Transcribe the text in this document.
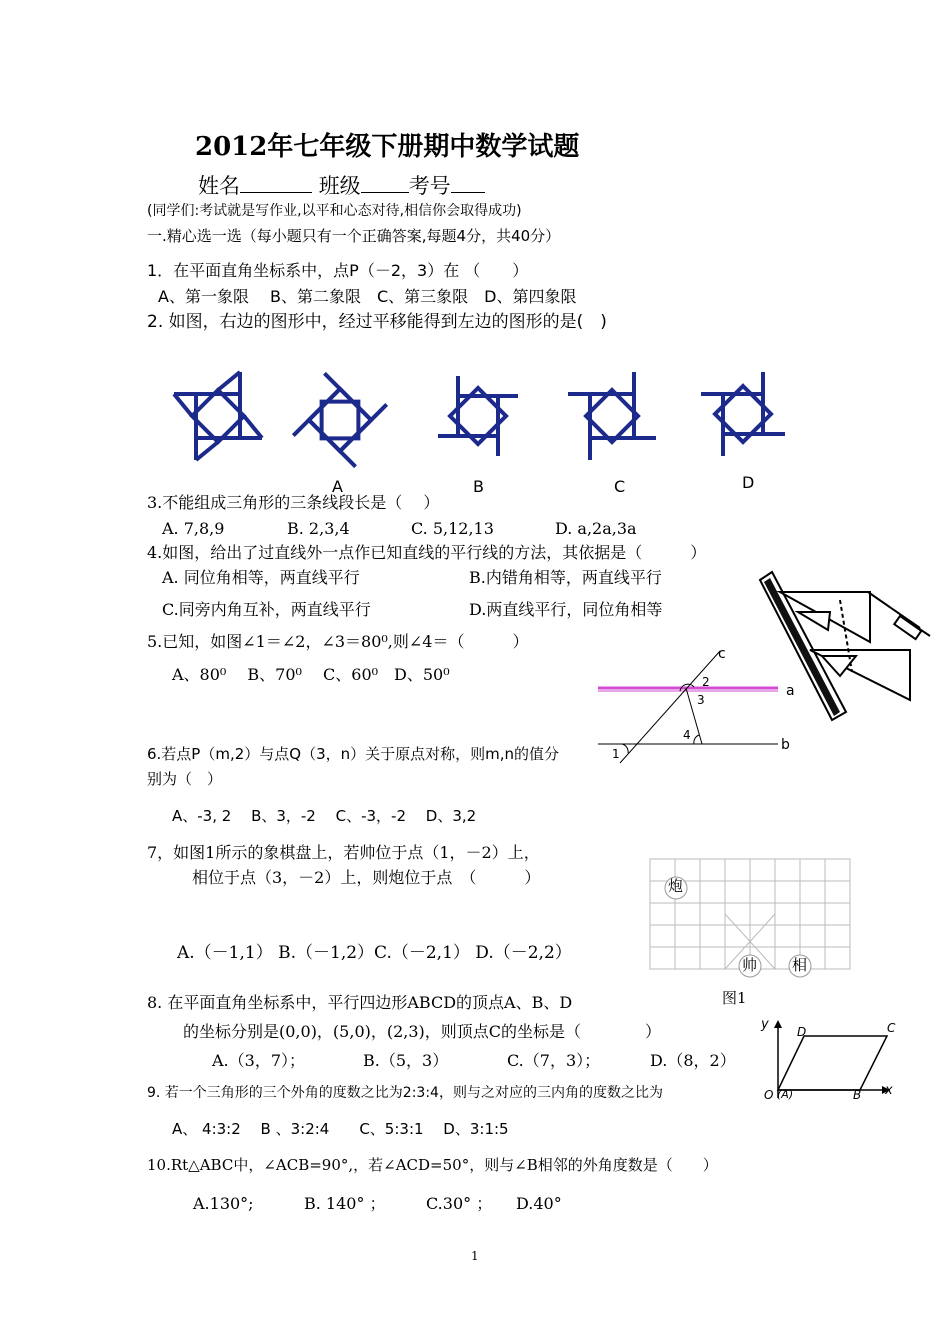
2012年七年级下册期中数学试题
姓名	班级 考号
(同学们:考试就是写作业,以平和心态对待,相信你会取得成功)
一.精心选一选（每小题只有一个正确答案,每题4分，共40分）
1．在平面直角坐标系中，点P（－2，3）在 （　　）
A、第一象限　 B、第二象限　C、第三象限　D、第四象限
2. 如图，右边的图形中，经过平移能得到左边的图形的是(　)
A	B	C	D
3.不能组成三角形的三条线段长是（　 ）
A. 7,8,9	B. 2,3,4	C. 5,12,13	D. a,2a,3a
4.如图，给出了过直线外一点作已知直线的平行线的方法，其依据是（　　　）
A. 同位角相等，两直线平行	B.内错角相等，两直线平行
C.同旁内角互补，两直线平行	D.两直线平行，同位角相等
5.已知，如图∠1＝∠2，∠3＝80⁰,则∠4＝（　　　）
A、80⁰　 B、70⁰　 C、60⁰　D、50⁰
c
a
b
1
2
3
4
6.若点P（m,2）与点Q（3，n）关于原点对称，则m,n的值分
别为（　）
A、-3, 2　 B、3，-2　 C、-3，-2　 D、3,2
7，如图1所示的象棋盘上，若帅位于点（1，－2）上，
相位于点（3，－2）上，则炮位于点　（　　　）
A.（－1,1） B.（－1,2）C.（－2,1） D.（－2,2）
炮
帅 相
图1
8. 在平面直角坐标系中，平行四边形ABCD的顶点A、B、D
的坐标分别是(0,0)，(5,0)，(2,3)，则顶点C的坐标是（　　　　）
A.（3，7）；	B.（5，3）	C.（7，3）；	D.（8，2）
y
x
O (A)	B
C
D
9. 若一个三角形的三个外角的度数之比为2:3:4，则与之对应的三内角的度数之比为
A、 4:3:2　 B 、3:2:4　　C、5:3:1　 D、3:1:5
10.Rt△ABC中，∠ACB=90°,，若∠ACD=50°，则与∠B相邻的外角度数是（　　）
A.130°;	B. 140° ；	C.30° ； D.40°
1
